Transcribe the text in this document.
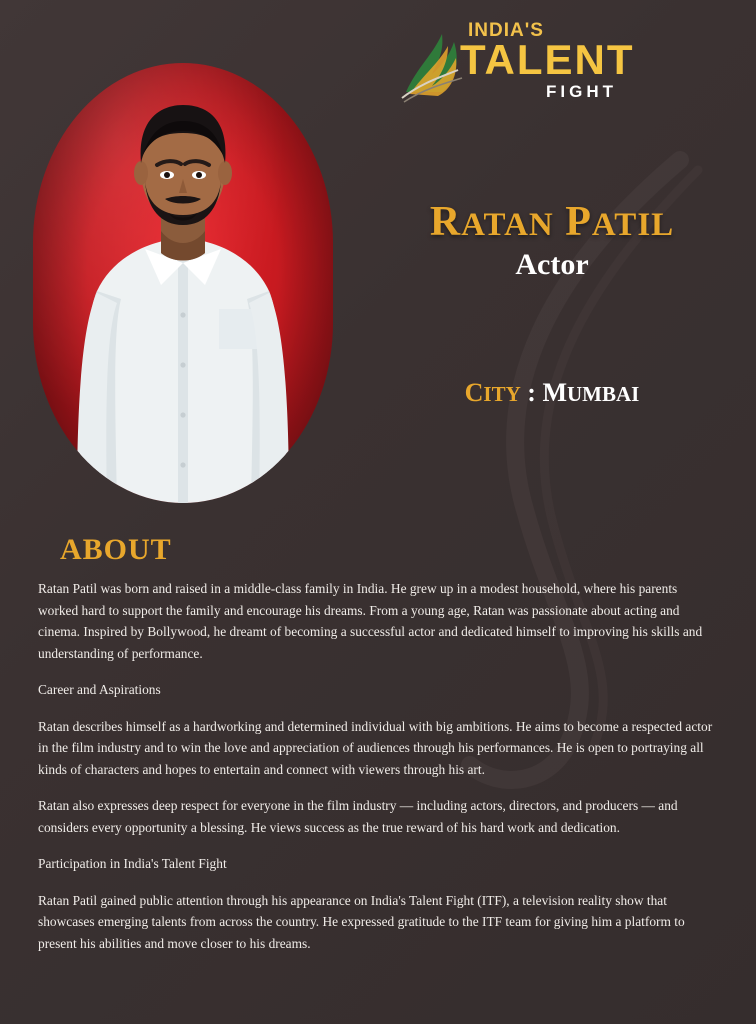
INDIA'S
TALENT
FIGHT
RATAN PATIL
Actor
CITY : MUMBAI
ABOUT

Ratan Patil was born and raised in a middle-class family in India. He grew up in a modest household, where his parents worked hard to support the family and encourage his dreams. From a young age, Ratan was passionate about acting and cinema. Inspired by Bollywood, he dreamt of becoming a successful actor and dedicated himself to improving his skills and understanding of performance.

Career and Aspirations

Ratan describes himself as a hardworking and determined individual with big ambitions. He aims to become a respected actor in the film industry and to win the love and appreciation of audiences through his performances. He is open to portraying all kinds of characters and hopes to entertain and connect with viewers through his art.

Ratan also expresses deep respect for everyone in the film industry — including actors, directors, and producers — and considers every opportunity a blessing. He views success as the true reward of his hard work and dedication.

Participation in India's Talent Fight

Ratan Patil gained public attention through his appearance on India's Talent Fight (ITF), a television reality show that showcases emerging talents from across the country. He expressed gratitude to the ITF team for giving him a platform to present his abilities and move closer to his dreams.
